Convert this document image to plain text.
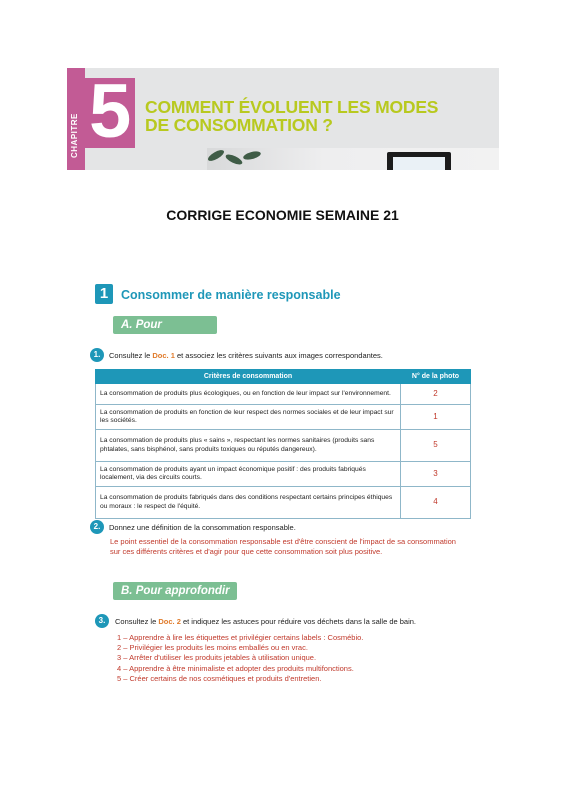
CHAPITRE 5 COMMENT ÉVOLUENT LES MODES
DE CONSOMMATION ?
CORRIGE ECONOMIE SEMAINE 21
1	Consommer de manière responsable
A. Pour découvrir
1.	Consultez le Doc. 1 et associez les critères suivants aux images correspondantes.
Critères de consommation	N° de la photo
La consommation de produits plus écologiques, ou en fonction de leur impact sur l'environnement.	2
La consommation de produits en fonction de leur respect des normes sociales et de leur impact sur les sociétés.	1
La consommation de produits plus « sains », respectant les normes sanitaires (produits sans phtalates, sans bisphénol, sans produits toxiques ou réputés dangereux).	5
La consommation de produits ayant un impact économique positif : des produits fabriqués localement, via des circuits courts.	3
La consommation de produits fabriqués dans des conditions respectant certains principes éthiques ou moraux : le respect de l'équité.	4
2.	Donnez une définition de la consommation responsable.
Le point essentiel de la consommation responsable est d'être conscient de l'impact de sa consommation
sur ces différents critères et d'agir pour que cette consommation soit plus positive.
B. Pour approfondir
3.	Consultez le Doc. 2 et indiquez les astuces pour réduire vos déchets dans la salle de bain.
1 – Apprendre à lire les étiquettes et privilégier certains labels : Cosmébio.
2 – Privilégier les produits les moins emballés ou en vrac.
3 – Arrêter d'utiliser les produits jetables à utilisation unique.
4 – Apprendre à être minimaliste et adopter des produits multifonctions.
5 – Créer certains de nos cosmétiques et produits d'entretien.
